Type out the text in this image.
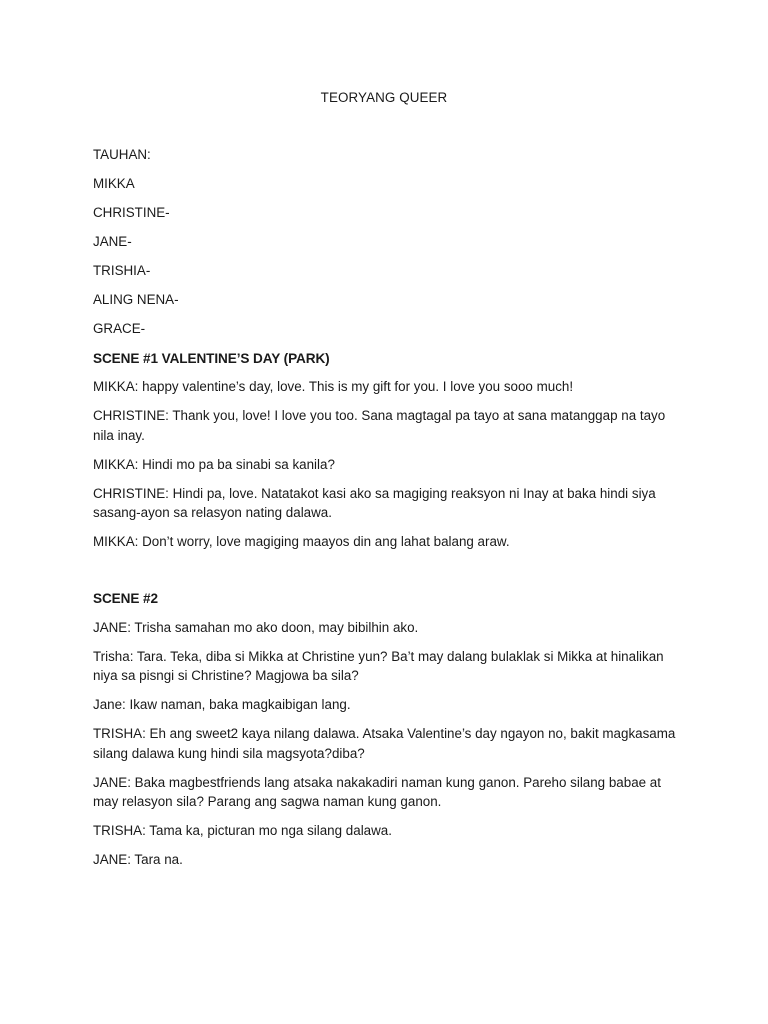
TEORYANG QUEER
TAUHAN:
MIKKA
CHRISTINE-
JANE-
TRISHIA-
ALING NENA-
GRACE-
SCENE #1 VALENTINE’S DAY (PARK)

MIKKA: happy valentine’s day, love. This is my gift for you. I love you sooo much!

CHRISTINE: Thank you, love! I love you too. Sana magtagal pa tayo at sana matanggap na tayo nila inay.

MIKKA: Hindi mo pa ba sinabi sa kanila?

CHRISTINE: Hindi pa, love. Natatakot kasi ako sa magiging reaksyon ni Inay at baka hindi siya sasang-ayon sa relasyon nating dalawa.

MIKKA: Don’t worry, love magiging maayos din ang lahat balang araw.

SCENE #2

JANE: Trisha samahan mo ako doon, may bibilhin ako.

Trisha: Tara. Teka, diba si Mikka at Christine yun? Ba’t may dalang bulaklak si Mikka at hinalikan niya sa pisngi si Christine? Magjowa ba sila?

Jane: Ikaw naman, baka magkaibigan lang.

TRISHA: Eh ang sweet2 kaya nilang dalawa. Atsaka Valentine’s day ngayon no, bakit magkasama silang dalawa kung hindi sila magsyota?diba?

JANE: Baka magbestfriends lang atsaka nakakadiri naman kung ganon. Pareho silang babae at may relasyon sila? Parang ang sagwa naman kung ganon.

TRISHA: Tama ka, picturan mo nga silang dalawa.

JANE: Tara na.
